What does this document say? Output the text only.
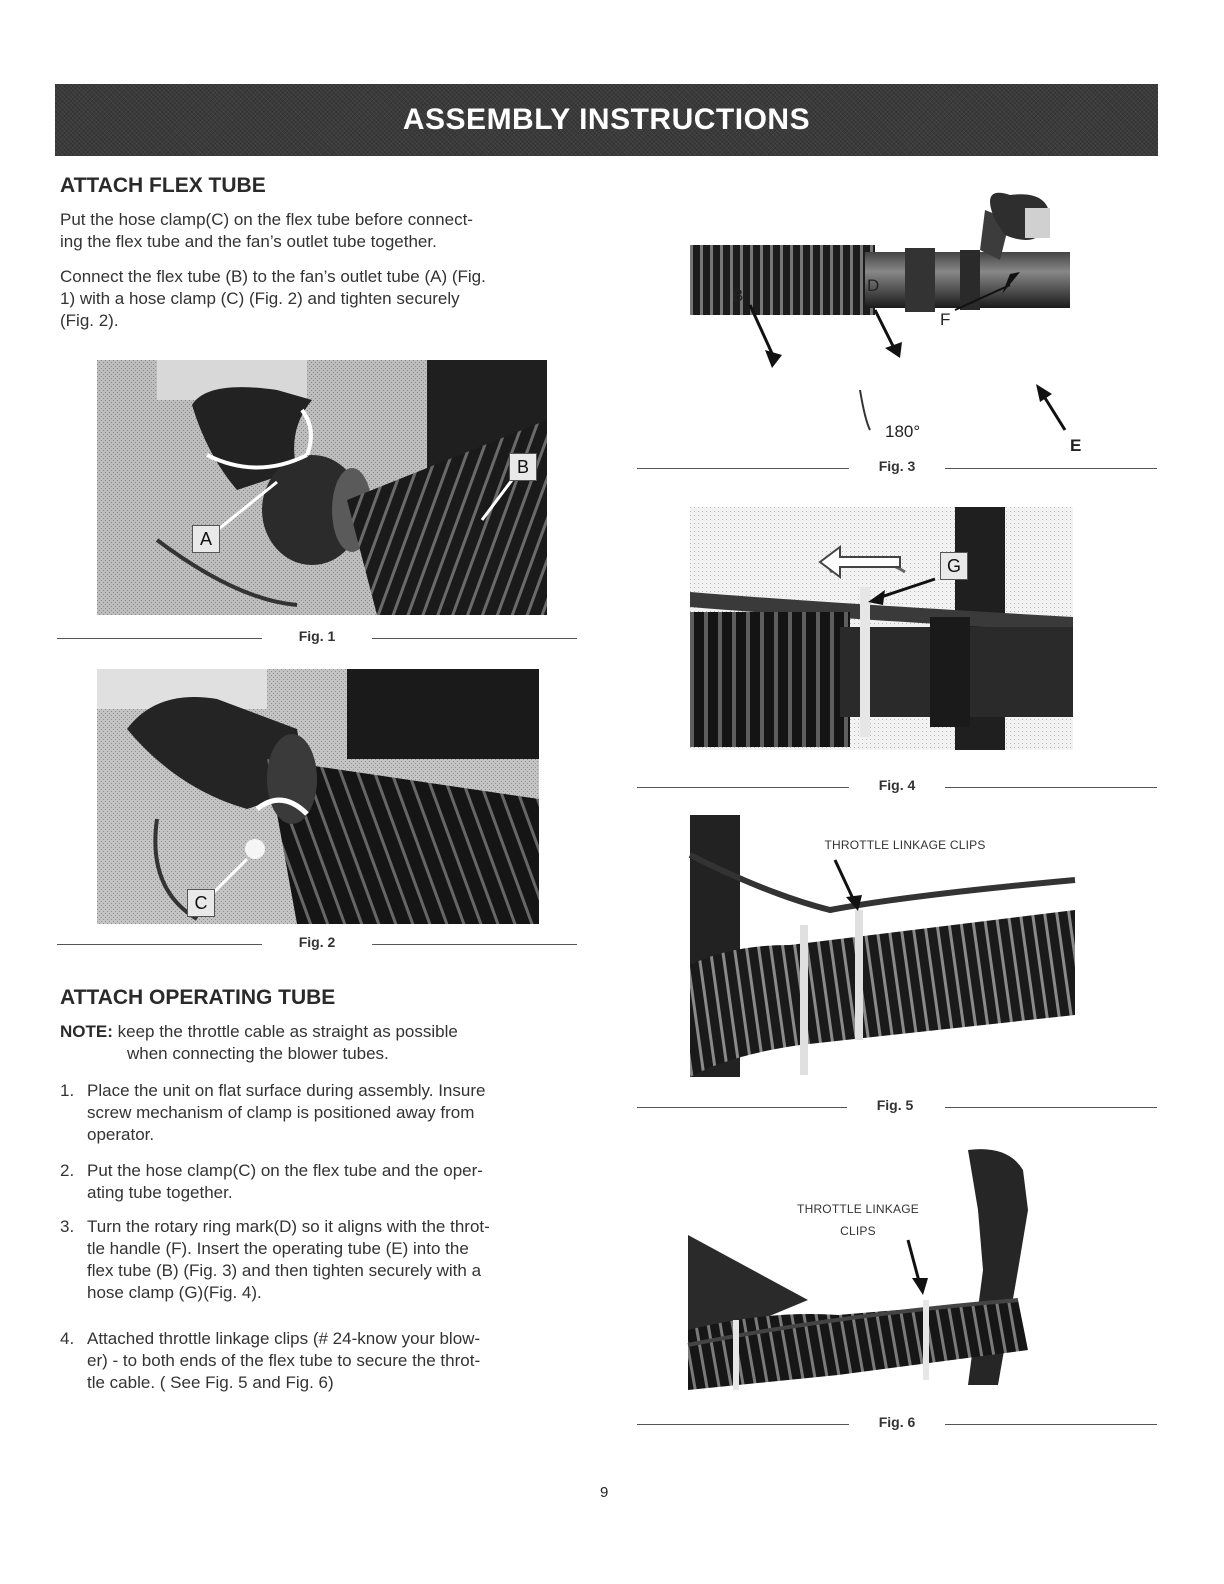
ASSEMBLY INSTRUCTIONS
ATTACH FLEX TUBE
Put the hose clamp(C) on the flex tube before connect-
ing the flex tube and the fan’s outlet tube together.
Connect the flex tube (B) to the fan’s outlet tube (A) (Fig.
1) with a hose clamp (C) (Fig. 2) and tighten securely
(Fig. 2).
A
B
Fig. 1
C
Fig. 2
ATTACH OPERATING TUBE
NOTE: keep the throttle cable as straight as possible
when connecting the blower tubes.
1. Place the unit on flat surface during assembly. Insure
screw mechanism of clamp is positioned away from
operator.
2. Put the hose clamp(C) on the flex tube and the oper-
ating tube together.
3. Turn the rotary ring mark(D) so it aligns with the throt-
tle handle (F). Insert the operating tube (E) into the
flex tube (B) (Fig. 3) and then tighten securely with a
hose clamp (G)(Fig. 4).
4. Attached throttle linkage clips (# 24-know your blow-
er) - to both ends of the flex tube to secure the throt-
tle cable. ( See Fig. 5 and Fig. 6)
B
D
F
E
180°
Fig. 3
G
Fig. 4
THROTTLE LINKAGE CLIPS
Fig. 5
THROTTLE LINKAGE
CLIPS
Fig. 6
9
